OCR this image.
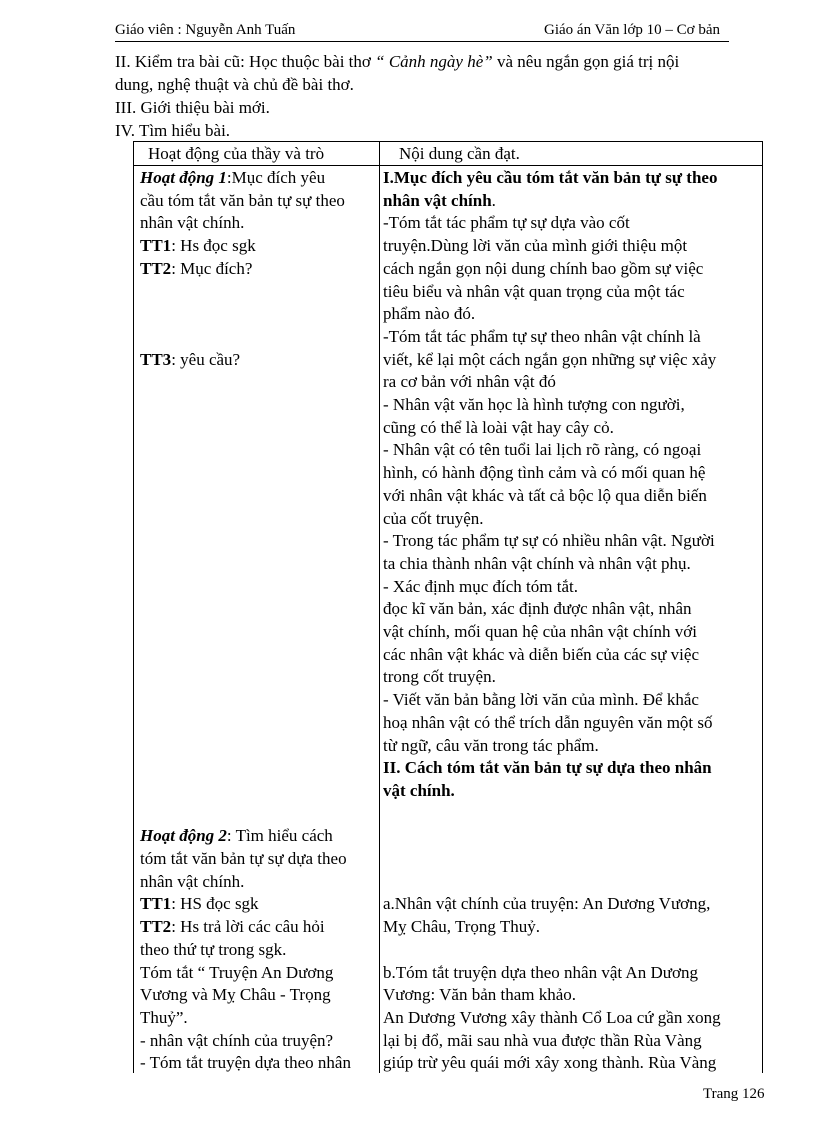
Giáo viên : Nguyễn Anh Tuấn	Giáo án Văn lớp 10 – Cơ bản

II. Kiểm tra bài cũ: Học thuộc bài thơ “ Cảnh ngày hè” và nêu ngắn gọn giá trị nội

dung, nghệ thuật và chủ đề bài thơ.

III. Giới thiệu bài mới.

IV. Tìm hiểu bài.

Hoạt động của thầy và trò	Nội dung cần đạt.

Hoạt động 1:Mục đích yêu

cầu tóm tắt văn bản tự sự theo

nhân vật chính.

TT1: Hs đọc sgk

TT2: Mục đích?

TT3: yêu cầu?

Hoạt động 2: Tìm hiểu cách

tóm tắt văn bản tự sự dựa theo

nhân vật chính.

TT1: HS đọc sgk

TT2: Hs trả lời các câu hỏi

theo thứ tự trong sgk.

Tóm tắt “ Truyện An Dương

Vương và Mỵ Châu - Trọng

Thuỷ”.

- nhân vật chính của truyện?

- Tóm tắt truyện dựa theo nhân

I.Mục đích yêu cầu tóm tắt văn bản tự sự theo

nhân vật chính.

-Tóm tắt tác phẩm tự sự dựa vào cốt

truyện.Dùng lời văn của mình giới thiệu một

cách ngắn gọn nội dung chính bao gồm sự việc

tiêu biểu và nhân vật quan trọng của một tác

phẩm nào đó.

-Tóm tắt tác phẩm tự sự theo nhân vật chính là

viết, kể lại một cách ngắn gọn những sự việc xảy

ra cơ bản với nhân vật đó

- Nhân vật văn học là hình tượng con người,

cũng có thể là loài vật hay cây cỏ.

- Nhân vật có tên tuổi lai lịch rõ ràng, có ngoại

hình, có hành động tình cảm và có mối quan hệ

với nhân vật khác và tất cả bộc lộ qua diễn biến

của cốt truyện.

- Trong tác phẩm tự sự có nhiều nhân vật. Người

ta chia thành nhân vật chính và nhân vật phụ.

- Xác định mục đích tóm tắt.

đọc kĩ văn bản, xác định được nhân vật, nhân

vật chính, mối quan hệ của nhân vật chính với

các nhân vật khác và diễn biến của các sự việc

trong cốt truyện.

- Viết văn bản bằng lời văn của mình. Để khắc

hoạ nhân vật có thể trích dẫn nguyên văn một số

từ ngữ, câu văn trong tác phẩm.

II. Cách tóm tắt văn bản tự sự dựa theo nhân

vật chính.

a.Nhân vật chính của truyện: An Dương Vương,

Mỵ Châu, Trọng Thuỷ.

b.Tóm tắt truyện dựa theo nhân vật An Dương

Vương: Văn bản tham khảo.

An Dương Vương xây thành Cổ Loa cứ gần xong

lại bị đổ, mãi sau nhà vua được thần Rùa Vàng

giúp trừ yêu quái mới xây xong thành. Rùa Vàng

Trang 126
